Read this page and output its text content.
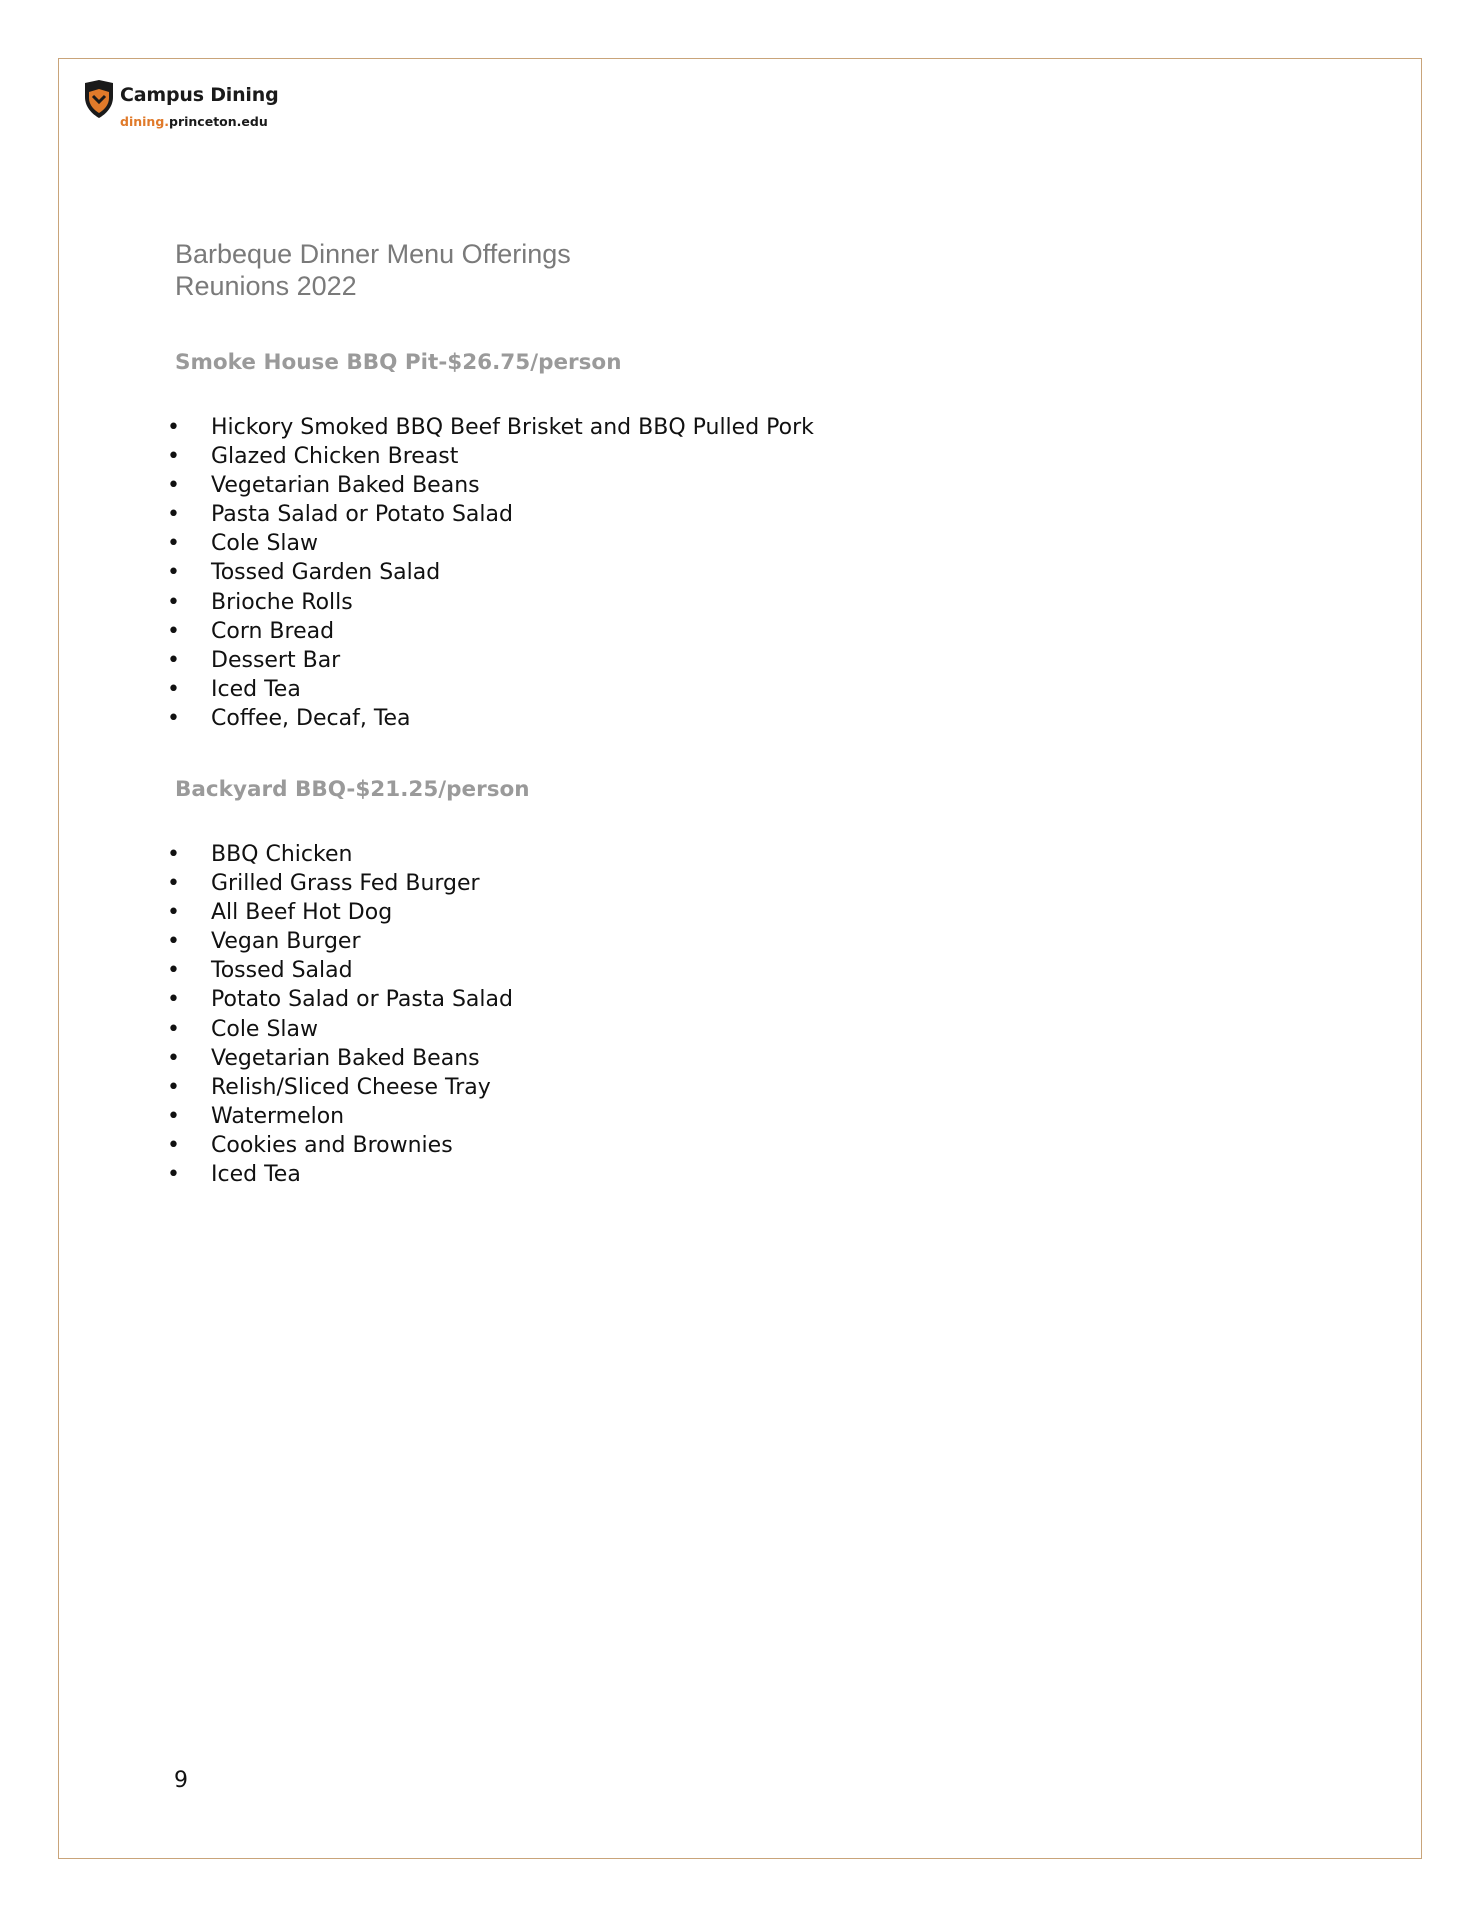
Campus Dining
dining.princeton.edu
Barbeque Dinner Menu Offerings
Reunions 2022
Smoke House BBQ Pit-$26.75/person
• Hickory Smoked BBQ Beef Brisket and BBQ Pulled Pork
• Glazed Chicken Breast
• Vegetarian Baked Beans
• Pasta Salad or Potato Salad
• Cole Slaw
• Tossed Garden Salad
• Brioche Rolls
• Corn Bread
• Dessert Bar
• Iced Tea
• Coffee, Decaf, Tea
Backyard BBQ-$21.25/person
• BBQ Chicken
• Grilled Grass Fed Burger
• All Beef Hot Dog
• Vegan Burger
• Tossed Salad
• Potato Salad or Pasta Salad
• Cole Slaw
• Vegetarian Baked Beans
• Relish/Sliced Cheese Tray
• Watermelon
• Cookies and Brownies
• Iced Tea
9
